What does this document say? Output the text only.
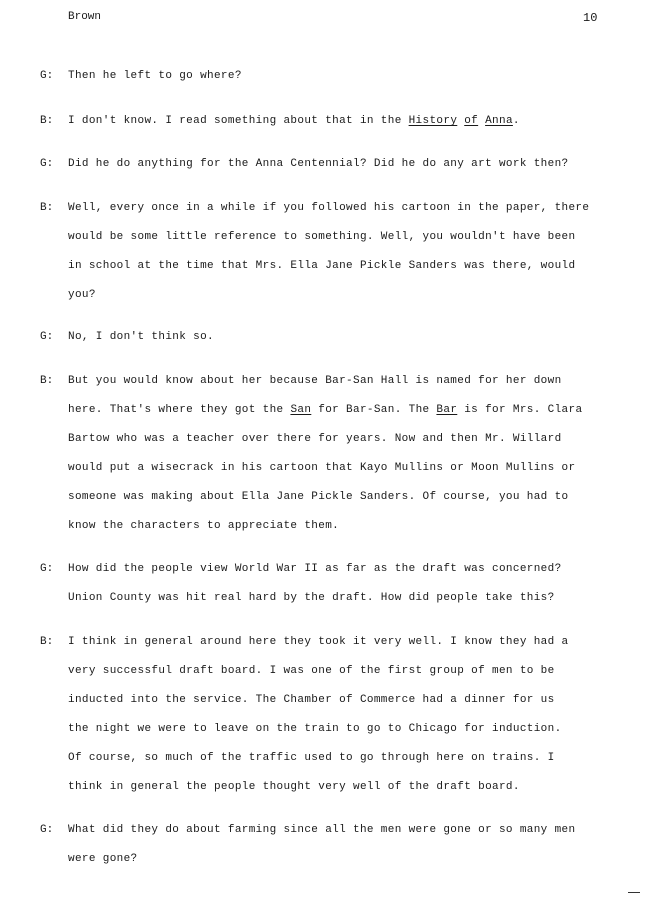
Brown	10
G: Then he left to go where?
B: I don't know. I read something about that in the History of Anna.
G: Did he do anything for the Anna Centennial? Did he do any art work then?
B: Well, every once in a while if you followed his cartoon in the paper, there
would be some little reference to something. Well, you wouldn't have been
in school at the time that Mrs. Ella Jane Pickle Sanders was there, would
you?
G: No, I don't think so.
B: But you would know about her because Bar-San Hall is named for her down
here. That's where they got the San for Bar-San. The Bar is for Mrs. Clara
Bartow who was a teacher over there for years. Now and then Mr. Willard
would put a wisecrack in his cartoon that Kayo Mullins or Moon Mullins or
someone was making about Ella Jane Pickle Sanders. Of course, you had to
know the characters to appreciate them.
G: How did the people view World War II as far as the draft was concerned?
Union County was hit real hard by the draft. How did people take this?
B: I think in general around here they took it very well. I know they had a
very successful draft board. I was one of the first group of men to be
inducted into the service. The Chamber of Commerce had a dinner for us
the night we were to leave on the train to go to Chicago for induction.
Of course, so much of the traffic used to go through here on trains. I
think in general the people thought very well of the draft board.
G: What did they do about farming since all the men were gone or so many men
were gone?
